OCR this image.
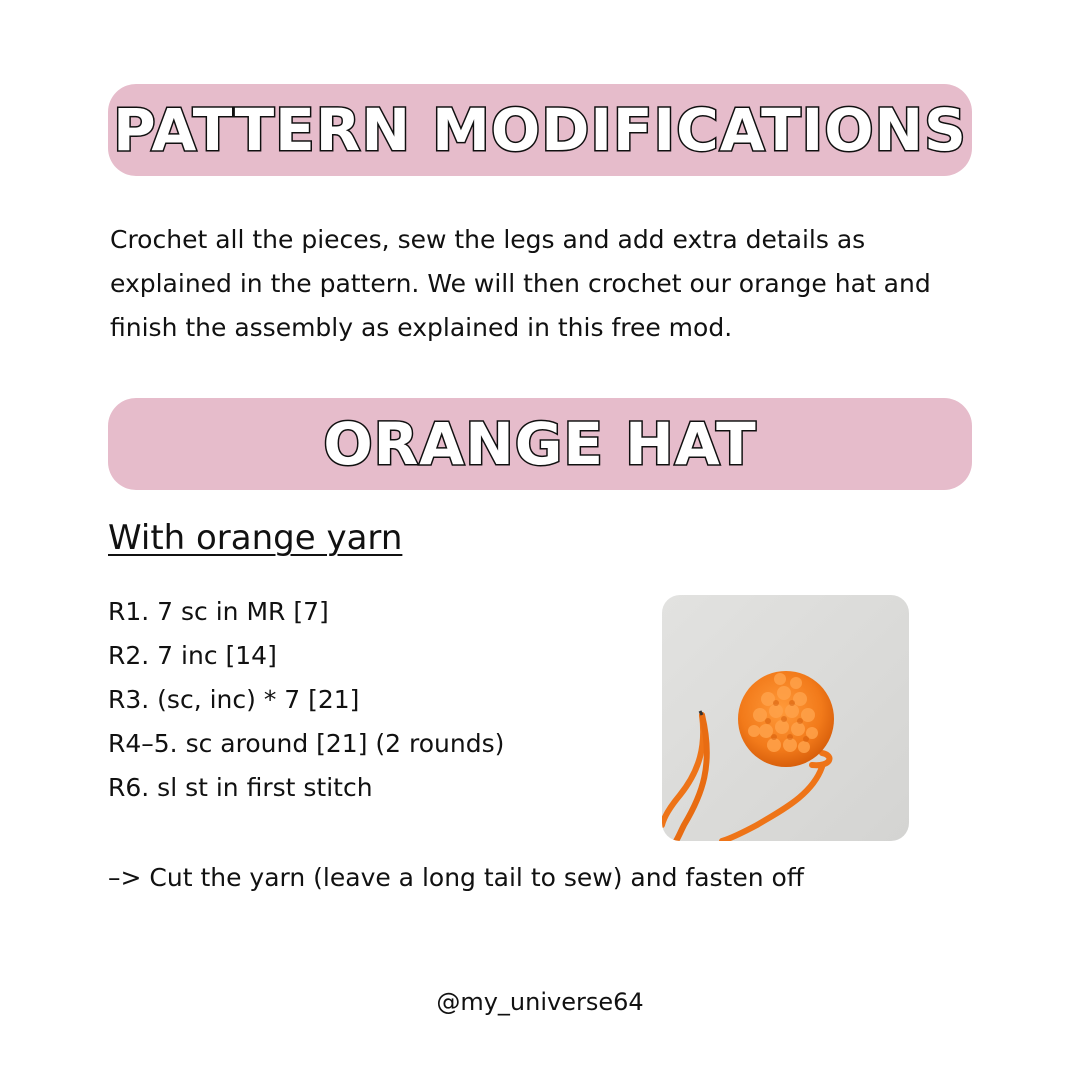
PATTERN MODIFICATIONS
Crochet all the pieces, sew the legs and add extra details as explained in the pattern. We will then crochet our orange hat and finish the assembly as explained in this free mod.
ORANGE HAT
With orange yarn
R1. 7 sc in MR [7]
R2. 7 inc [14]
R3. (sc, inc) * 7 [21]
R4–5. sc around [21] (2 rounds)
R6. sl st in first stitch
–> Cut the yarn (leave a long tail to sew) and fasten off
@my_universe64
